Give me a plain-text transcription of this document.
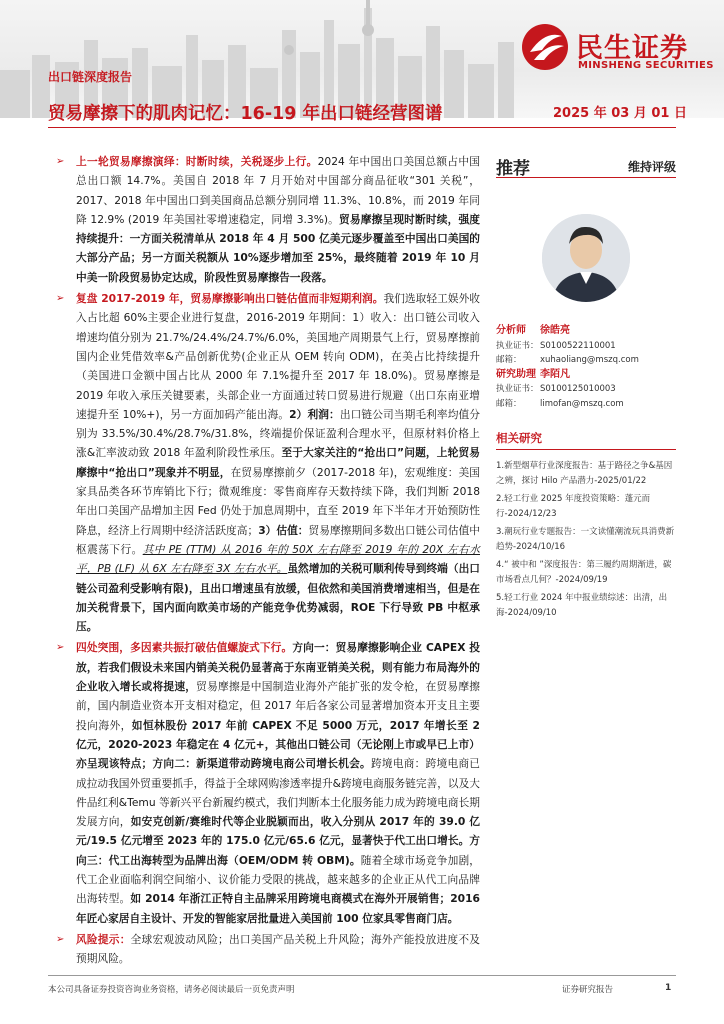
民生证券
MINSHENG SECURITIES
出口链深度报告
贸易摩擦下的肌肉记忆：16-19 年出口链经营图谱	2025 年 03 月 01 日
➢ 上一轮贸易摩擦演绎：时断时续，关税逐步上行。2024 年中国出口美国总额占中国总出口额 14.7%。美国自 2018 年 7 月开始对中国部分商品征收“301 关税”，2017、2018 年中国出口到美国商品总额分别同增 11.3%、10.8%，而 2019 年同降 12.9% (2019 年美国社零增速稳定，同增 3.3%)。贸易摩擦呈现时断时续，强度持续提升：一方面关税清单从 2018 年 4 月 500 亿美元逐步覆盖至中国出口美国的大部分产品；另一方面关税额从 10%逐步增加至 25%，最终随着 2019 年 10 月中美一阶段贸易协定达成，阶段性贸易摩擦告一段落。
➢ 复盘 2017-2019 年，贸易摩擦影响出口链估值而非短期利润。我们选取轻工娱外收入占比超 60%主要企业进行复盘，2016-2019 年期间：1）收入：出口链公司收入增速均值分别为 21.7%/24.4%/24.7%/6.0%，美国地产周期景气上行，贸易摩擦前国内企业凭借效率&产品创新优势(企业正从 OEM 转向 ODM)，在美占比持续提升（美国进口金额中国占比从 2000 年 7.1%提升至 2017 年 18.0%)。贸易摩擦是 2019 年收入承压关键要素，头部企业一方面通过转口贸易进行规避（出口东南亚增速提升至 10%+)，另一方面加码产能出海。2）利润：出口链公司当期毛利率均值分别为 33.5%/30.4%/28.7%/31.8%，终端提价保证盈利合理水平，但原材料价格上涨&汇率波动致 2018 年盈利阶段性承压。至于大家关注的“抢出口”问题，上轮贸易摩擦中“抢出口”现象并不明显，在贸易摩擦前夕（2017-2018 年)，宏观维度：美国家具品类各环节库销比下行；微观维度：零售商库存天数持续下降，我们判断 2018 年出口美国产品增加主因 Fed 仍处于加息周期中，直至 2019 年下半年才开始预防性降息，经济上行周期中经济活跃度高；3）估值：贸易摩擦期间多数出口链公司估值中枢震荡下行。其中 PE (TTM) 从 2016 年的 50X 左右降至 2019 年的 20X 左右水平，PB (LF) 从 6X 左右降至 3X 左右水平。虽然增加的关税可顺利传导到终端（出口链公司盈利受影响有限)，且出口增速虽有放缓，但依然和美国消费增速相当，但是在加关税背景下，国内面向欧美市场的产能竞争优势减弱，ROE 下行导致 PB 中枢承压。
➢ 四处突围，多因素共振打破估值螺旋式下行。方向一：贸易摩擦影响企业 CAPEX 投放，若我们假设未来国内销美关税仍显著高于东南亚销美关税，则有能力布局海外的企业收入增长或将提速，贸易摩擦是中国制造业海外产能扩张的发令枪，在贸易摩擦前，国内制造业资本开支相对稳定，但 2017 年后各家公司显著增加资本开支且主要投向海外，如恒林股份 2017 年前 CAPEX 不足 5000 万元，2017 年增长至 2 亿元，2020-2023 年稳定在 4 亿元+，其他出口链公司（无论刚上市或早已上市）亦呈现该特点；方向二：新渠道带动跨境电商公司增长机会。跨境电商：跨境电商已成拉动我国外贸重要抓手，得益于全球网购渗透率提升&跨境电商服务链完善，以及大件品红利&Temu 等新兴平台新履约模式，我们判断本土化服务能力成为跨境电商长期发展方向，如安克创新/赛维时代等企业脱颖而出，收入分别从 2017 年的 39.0 亿元/19.5 亿元增至 2023 年的 175.0 亿元/65.6 亿元，显著快于代工出口增长。方向三：代工出海转型为品牌出海（OEM/ODM 转 OBM)。随着全球市场竞争加剧，代工企业面临利润空间缩小、议价能力受限的挑战，越来越多的企业正从代工向品牌出海转型。如 2014 年浙江正特自主品牌采用跨境电商模式在海外开展销售；2016 年匠心家居自主设计、开发的智能家居批量进入美国前 100 位家具零售商门店。
➢ 风险提示：全球宏观波动风险；出口美国产品关税上升风险；海外产能投放进度不及预期风险。
推荐	维持评级
分析师	徐皓亮
执业证书： S0100522110001
邮箱：	xuhaoliang@mszq.com
研究助理 李陌凡
执业证书： S0100125010003
邮箱：	limofan@mszq.com
相关研究
1.新型烟草行业深度报告：基于路径之争&基因之辨，探讨 Hilo 产品潜力-2025/01/22
2.轻工行业 2025 年度投资策略：蓬元而行-2024/12/23
3.潮玩行业专题报告：一文读懂潮流玩具消费新趋势-2024/10/16
4.“ 被中和 ”深度报告：第三履约周期渐进，碳市场看点几何？-2024/09/19
5.轻工行业 2024 年中报业绩综述：出清，出海-2024/09/10
本公司具备证券投资咨询业务资格，请务必阅读最后一页免责声明	证券研究报告	1
